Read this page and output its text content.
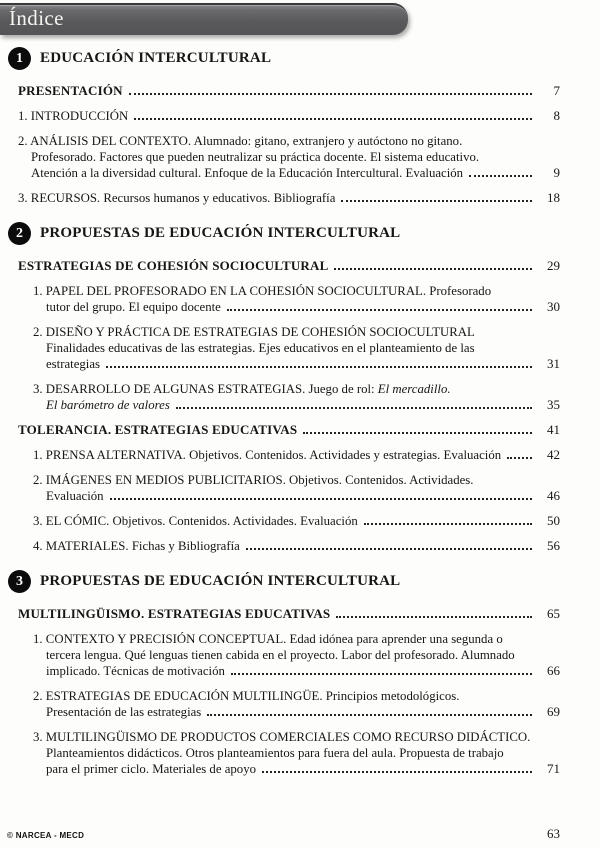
Índice
1	EDUCACIÓN INTERCULTURAL
PRESENTACIÓN	7
1. INTRODUCCIÓN	8
2. ANÁLISIS DEL CONTEXTO. Alumnado: gitano, extranjero y autóctono no gitano.
Profesorado. Factores que pueden neutralizar su práctica docente. El sistema educativo.
Atención a la diversidad cultural. Enfoque de la Educación Intercultural. Evaluación	9
3. RECURSOS. Recursos humanos y educativos. Bibliografía	18
2	PROPUESTAS DE EDUCACIÓN INTERCULTURAL
ESTRATEGIAS DE COHESIÓN SOCIOCULTURAL	29
1. PAPEL DEL PROFESORADO EN LA COHESIÓN SOCIOCULTURAL. Profesorado
tutor del grupo. El equipo docente	30
2. DISEÑO Y PRÁCTICA DE ESTRATEGIAS DE COHESIÓN SOCIOCULTURAL
Finalidades educativas de las estrategias. Ejes educativos en el planteamiento de las
estrategias	31
3. DESARROLLO DE ALGUNAS ESTRATEGIAS. Juego de rol: El mercadillo.
El barómetro de valores	35
TOLERANCIA. ESTRATEGIAS EDUCATIVAS	41
1. PRENSA ALTERNATIVA. Objetivos. Contenidos. Actividades y estrategias. Evaluación	42
2. IMÁGENES EN MEDIOS PUBLICITARIOS. Objetivos. Contenidos. Actividades.
Evaluación	46
3. EL CÓMIC. Objetivos. Contenidos. Actividades. Evaluación	50
4. MATERIALES. Fichas y Bibliografía	56
3	PROPUESTAS DE EDUCACIÓN INTERCULTURAL
MULTILINGÜISMO. ESTRATEGIAS EDUCATIVAS	65
1. CONTEXTO Y PRECISIÓN CONCEPTUAL. Edad idónea para aprender una segunda o
tercera lengua. Qué lenguas tienen cabida en el proyecto. Labor del profesorado. Alumnado
implicado. Técnicas de motivación	66
2. ESTRATEGIAS DE EDUCACIÓN MULTILINGÜE. Principios metodológicos.
Presentación de las estrategias	69
3. MULTILINGÜISMO DE PRODUCTOS COMERCIALES COMO RECURSO DIDÁCTICO.
Planteamientos didácticos. Otros planteamientos para fuera del aula. Propuesta de trabajo
para el primer ciclo. Materiales de apoyo	71
© NARCEA - MECD	63
